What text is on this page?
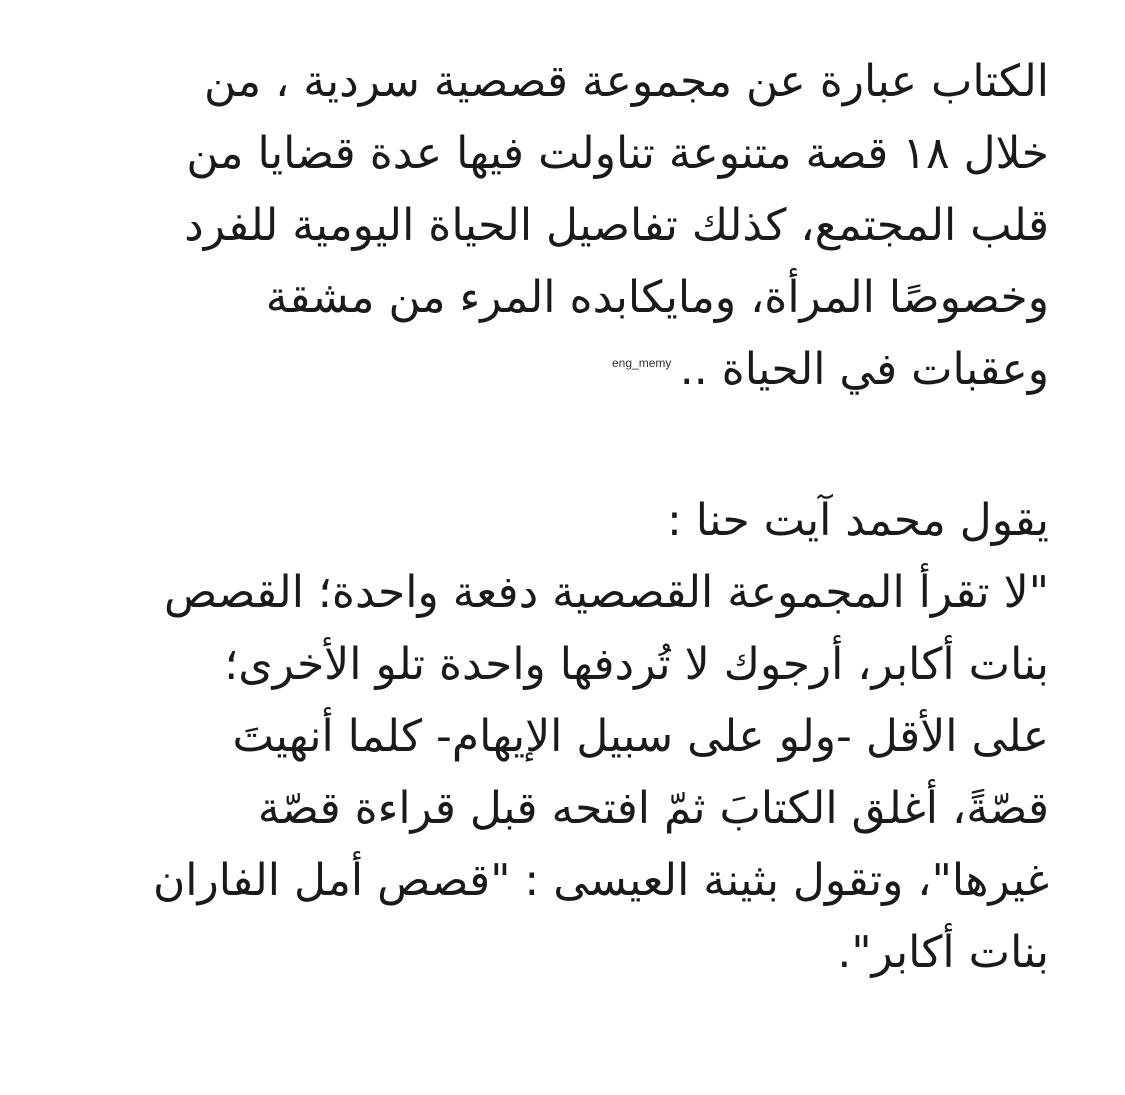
الكتاب عبارة عن مجموعة قصصية سردية ، من
خلال ١٨ قصة متنوعة تناولت فيها عدة قضايا من
قلب المجتمع، كذلك تفاصيل الحياة اليومية للفرد
وخصوصًا المرأة، ومايكابده المرء من مشقة
وعقبات في الحياة ..
eng_memy
يقول محمد آيت حنا :
"لا تقرأ المجموعة القصصية دفعة واحدة؛ القصص
بنات أكابر، أرجوك لا تُردفها واحدة تلو الأخرى؛
على الأقل -ولو على سبيل الإيهام- كلما أنهيتَ
قصّةً، أغلق الكتابَ ثمّ افتحه قبل قراءة قصّة
غيرها"، وتقول بثينة العيسى : "قصص أمل الفاران
بنات أكابر".
